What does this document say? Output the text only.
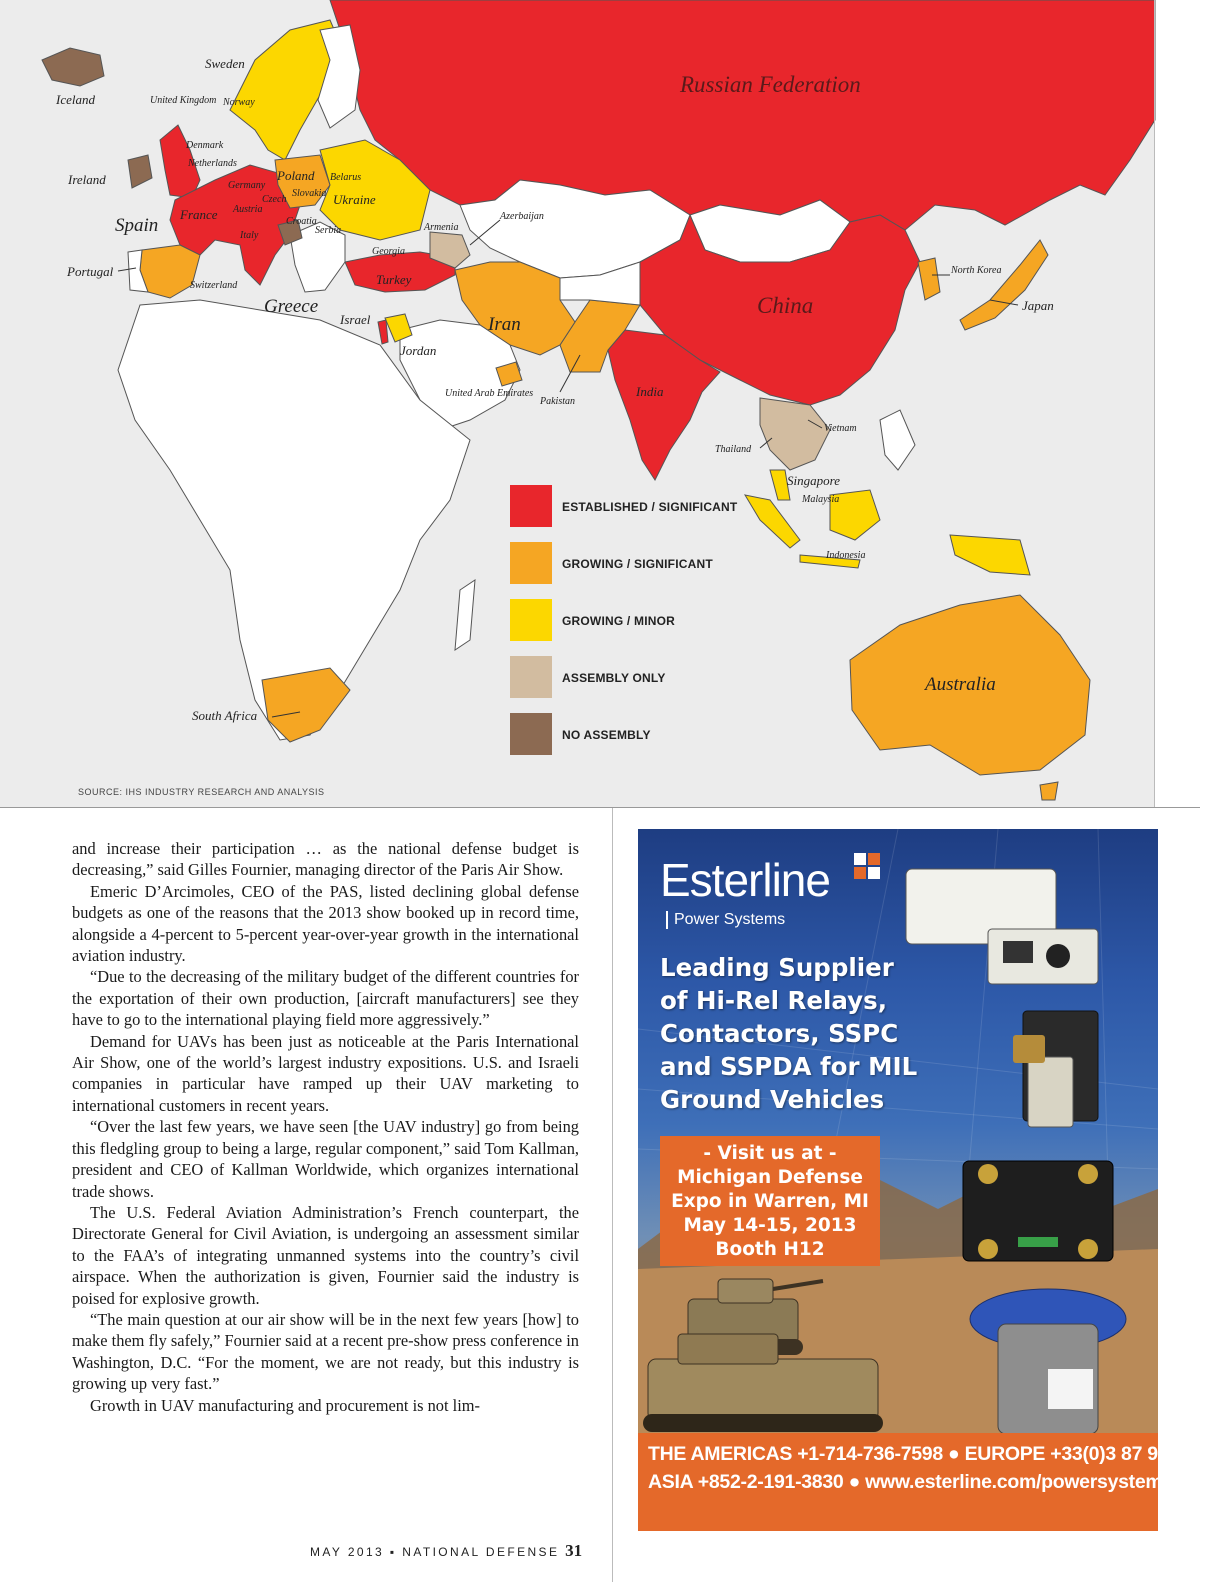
Russian Federation
China
Iran
India
Australia
Spain
Iceland
Sweden
Norway
United Kingdom
Denmark
Netherlands
Ireland	Germany
Poland Belarus
Czech
Slovakia Ukraine
France Austria
Italy
Croatia
Serbia	Armenia
Azerbaijan
Georgia
Portugal
Switzerland
Greece
Turkey
Israel
Jordan
United Arab Emirates
Pakistan
North Korea
Japan
Vietnam
Thailand
Singapore
Malaysia
Indonesia
South Africa
ESTABLISHED / SIGNIFICANT
GROWING / SIGNIFICANT
GROWING / MINOR
ASSEMBLY ONLY
NO ASSEMBLY
SOURCE: IHS INDUSTRY RESEARCH AND ANALYSIS

and increase their participation … as the national defense budget is decreasing,” said Gilles Fournier, managing director of the Paris Air Show.

Emeric D’Arcimoles, CEO of the PAS, listed declining global defense budgets as one of the reasons that the 2013 show booked up in record time, alongside a 4-percent to 5-percent year-over-year growth in the international aviation industry.

“Due to the decreasing of the military budget of the different countries for the exportation of their own production, [aircraft manufacturers] see they have to go to the international playing field more aggressively.”

Demand for UAVs has been just as noticeable at the Paris International Air Show, one of the world’s largest industry expositions. U.S. and Israeli companies in particular have ramped up their UAV marketing to international customers in recent years.

“Over the last few years, we have seen [the UAV industry] go from being this fledgling group to being a large, regular component,” said Tom Kallman, president and CEO of Kallman Worldwide, which organizes international trade shows.

The U.S. Federal Aviation Administration’s French counterpart, the Directorate General for Civil Aviation, is undergoing an assessment similar to the FAA’s of integrating unmanned systems into the country’s civil airspace. When the authorization is given, Fournier said the industry is poised for explosive growth.

“The main question at our air show will be in the next few years [how] to make them fly safely,” Fournier said at a recent pre-show press conference in Washington, D.C. “For the moment, we are not ready, but this industry is growing up very fast.”

Growth in UAV manufacturing and procurement is not lim-

MAY 2013 ▪ NATIONAL DEFENSE 31
Esterline
Power Systems
Leading Supplier
of Hi-Rel Relays,
Contactors, SSPC
and SSPDA for MIL
Ground Vehicles
- Visit us at -
Michigan Defense
Expo in Warren, MI
May 14-15, 2013
Booth H12
THE AMERICAS +1-714-736-7598 ● EUROPE +33(0)3 87 97 98 97
ASIA +852-2-191-3830 ● www.esterline.com/powersystems
